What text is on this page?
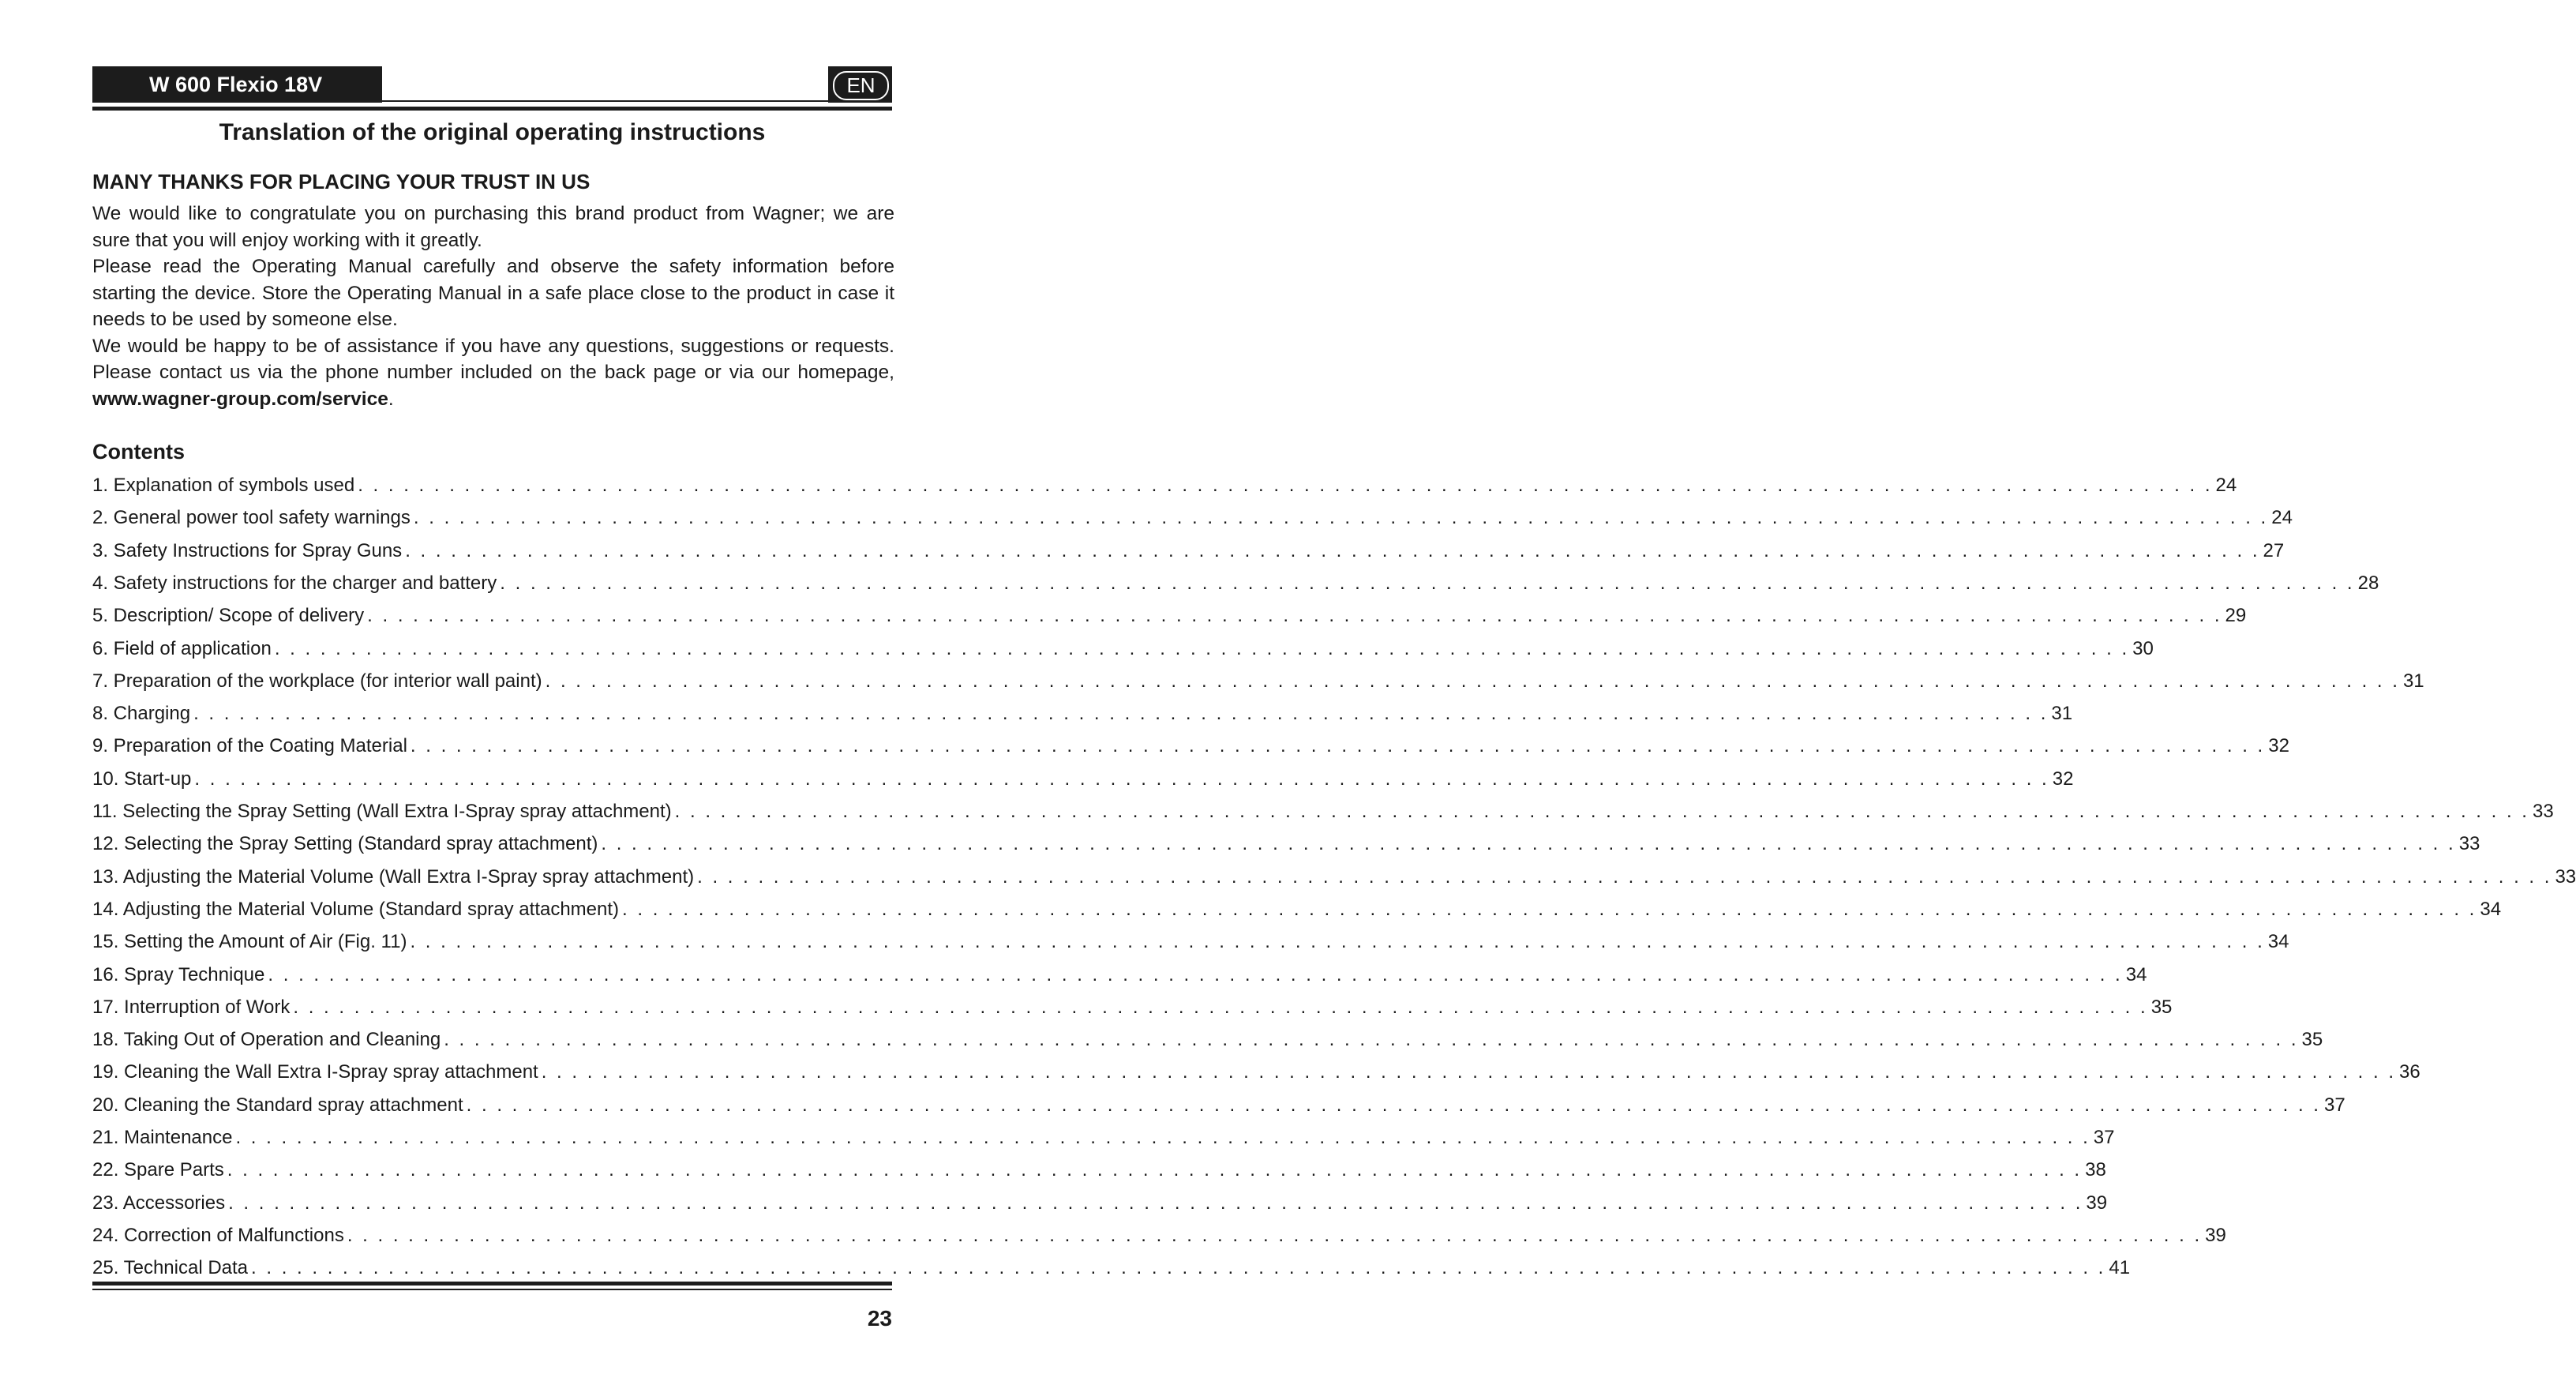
W 600 Flexio 18V	EN
Translation of the original operating instructions
MANY THANKS FOR PLACING YOUR TRUST IN US

We would like to congratulate you on purchasing this brand product from Wagner; we are sure that you will enjoy working with it greatly.

Please read the Operating Manual carefully and observe the safety information before starting the device. Store the Operating Manual in a safe place close to the product in case it needs to be used by someone else.

We would be happy to be of assistance if you have any questions, suggestions or requests. Please contact us via the phone number included on the back page or via our homepage, www.wagner-group.com/service.

Contents
1. Explanation of symbols used . . . . . . . . . . . . . . . . . . . . . . . . . . . . . . . . . . . . . . . . . . . . . . . . . . . . . . . . . . . . . . . . . . . . . . . . . . . . . . . . . . . . . . . . . . . . . . . . . . . . . . . . . . . . . . . . . . . . . . . . . . 24
2. General power tool safety warnings . . . . . . . . . . . . . . . . . . . . . . . . . . . . . . . . . . . . . . . . . . . . . . . . . . . . . . . . . . . . . . . . . . . . . . . . . . . . . . . . . . . . . . . . . . . . . . . . . . . . . . . . . . . . . . . . . . . . . . . . . . 24
3. Safety Instructions for Spray Guns . . . . . . . . . . . . . . . . . . . . . . . . . . . . . . . . . . . . . . . . . . . . . . . . . . . . . . . . . . . . . . . . . . . . . . . . . . . . . . . . . . . . . . . . . . . . . . . . . . . . . . . . . . . . . . . . . . . . . . . . . . 27
4. Safety instructions for the charger and battery . . . . . . . . . . . . . . . . . . . . . . . . . . . . . . . . . . . . . . . . . . . . . . . . . . . . . . . . . . . . . . . . . . . . . . . . . . . . . . . . . . . . . . . . . . . . . . . . . . . . . . . . . . . . . . . . . . . . . . . . . . 28
5. Description/ Scope of delivery . . . . . . . . . . . . . . . . . . . . . . . . . . . . . . . . . . . . . . . . . . . . . . . . . . . . . . . . . . . . . . . . . . . . . . . . . . . . . . . . . . . . . . . . . . . . . . . . . . . . . . . . . . . . . . . . . . . . . . . . . . 29
6. Field of application . . . . . . . . . . . . . . . . . . . . . . . . . . . . . . . . . . . . . . . . . . . . . . . . . . . . . . . . . . . . . . . . . . . . . . . . . . . . . . . . . . . . . . . . . . . . . . . . . . . . . . . . . . . . . . . . . . . . . . . . . . 30
7. Preparation of the workplace (for interior wall paint) . . . . . . . . . . . . . . . . . . . . . . . . . . . . . . . . . . . . . . . . . . . . . . . . . . . . . . . . . . . . . . . . . . . . . . . . . . . . . . . . . . . . . . . . . . . . . . . . . . . . . . . . . . . . . . . . . . . . . . . . . . 31
8. Charging . . . . . . . . . . . . . . . . . . . . . . . . . . . . . . . . . . . . . . . . . . . . . . . . . . . . . . . . . . . . . . . . . . . . . . . . . . . . . . . . . . . . . . . . . . . . . . . . . . . . . . . . . . . . . . . . . . . . . . . . . . 31
9. Preparation of the Coating Material . . . . . . . . . . . . . . . . . . . . . . . . . . . . . . . . . . . . . . . . . . . . . . . . . . . . . . . . . . . . . . . . . . . . . . . . . . . . . . . . . . . . . . . . . . . . . . . . . . . . . . . . . . . . . . . . . . . . . . . . . . 32
10. Start-up . . . . . . . . . . . . . . . . . . . . . . . . . . . . . . . . . . . . . . . . . . . . . . . . . . . . . . . . . . . . . . . . . . . . . . . . . . . . . . . . . . . . . . . . . . . . . . . . . . . . . . . . . . . . . . . . . . . . . . . . . . 32
11. Selecting the Spray Setting (Wall Extra I-Spray spray attachment) . . . . . . . . . . . . . . . . . . . . . . . . . . . . . . . . . . . . . . . . . . . . . . . . . . . . . . . . . . . . . . . . . . . . . . . . . . . . . . . . . . . . . . . . . . . . . . . . . . . . . . . . . . . . . . . . . . . . . . . . . . 33
12. Selecting the Spray Setting (Standard spray attachment) . . . . . . . . . . . . . . . . . . . . . . . . . . . . . . . . . . . . . . . . . . . . . . . . . . . . . . . . . . . . . . . . . . . . . . . . . . . . . . . . . . . . . . . . . . . . . . . . . . . . . . . . . . . . . . . . . . . . . . . . . . 33
13. Adjusting the Material Volume (Wall Extra I-Spray spray attachment) . . . . . . . . . . . . . . . . . . . . . . . . . . . . . . . . . . . . . . . . . . . . . . . . . . . . . . . . . . . . . . . . . . . . . . . . . . . . . . . . . . . . . . . . . . . . . . . . . . . . . . . . . . . . . . . . . . . . . . . . . . 33
14. Adjusting the Material Volume (Standard spray attachment) . . . . . . . . . . . . . . . . . . . . . . . . . . . . . . . . . . . . . . . . . . . . . . . . . . . . . . . . . . . . . . . . . . . . . . . . . . . . . . . . . . . . . . . . . . . . . . . . . . . . . . . . . . . . . . . . . . . . . . . . . . 34
15. Setting the Amount of Air (Fig. 11) . . . . . . . . . . . . . . . . . . . . . . . . . . . . . . . . . . . . . . . . . . . . . . . . . . . . . . . . . . . . . . . . . . . . . . . . . . . . . . . . . . . . . . . . . . . . . . . . . . . . . . . . . . . . . . . . . . . . . . . . . . 34
16. Spray Technique . . . . . . . . . . . . . . . . . . . . . . . . . . . . . . . . . . . . . . . . . . . . . . . . . . . . . . . . . . . . . . . . . . . . . . . . . . . . . . . . . . . . . . . . . . . . . . . . . . . . . . . . . . . . . . . . . . . . . . . . . . 34
17. Interruption of Work . . . . . . . . . . . . . . . . . . . . . . . . . . . . . . . . . . . . . . . . . . . . . . . . . . . . . . . . . . . . . . . . . . . . . . . . . . . . . . . . . . . . . . . . . . . . . . . . . . . . . . . . . . . . . . . . . . . . . . . . . . 35
18. Taking Out of Operation and Cleaning . . . . . . . . . . . . . . . . . . . . . . . . . . . . . . . . . . . . . . . . . . . . . . . . . . . . . . . . . . . . . . . . . . . . . . . . . . . . . . . . . . . . . . . . . . . . . . . . . . . . . . . . . . . . . . . . . . . . . . . . . . 35
19. Cleaning the Wall Extra I-Spray spray attachment . . . . . . . . . . . . . . . . . . . . . . . . . . . . . . . . . . . . . . . . . . . . . . . . . . . . . . . . . . . . . . . . . . . . . . . . . . . . . . . . . . . . . . . . . . . . . . . . . . . . . . . . . . . . . . . . . . . . . . . . . . 36
20. Cleaning the Standard spray attachment . . . . . . . . . . . . . . . . . . . . . . . . . . . . . . . . . . . . . . . . . . . . . . . . . . . . . . . . . . . . . . . . . . . . . . . . . . . . . . . . . . . . . . . . . . . . . . . . . . . . . . . . . . . . . . . . . . . . . . . . . . 37
21. Maintenance . . . . . . . . . . . . . . . . . . . . . . . . . . . . . . . . . . . . . . . . . . . . . . . . . . . . . . . . . . . . . . . . . . . . . . . . . . . . . . . . . . . . . . . . . . . . . . . . . . . . . . . . . . . . . . . . . . . . . . . . . . 37
22. Spare Parts . . . . . . . . . . . . . . . . . . . . . . . . . . . . . . . . . . . . . . . . . . . . . . . . . . . . . . . . . . . . . . . . . . . . . . . . . . . . . . . . . . . . . . . . . . . . . . . . . . . . . . . . . . . . . . . . . . . . . . . . . . 38
23. Accessories . . . . . . . . . . . . . . . . . . . . . . . . . . . . . . . . . . . . . . . . . . . . . . . . . . . . . . . . . . . . . . . . . . . . . . . . . . . . . . . . . . . . . . . . . . . . . . . . . . . . . . . . . . . . . . . . . . . . . . . . . . 39
24. Correction of Malfunctions . . . . . . . . . . . . . . . . . . . . . . . . . . . . . . . . . . . . . . . . . . . . . . . . . . . . . . . . . . . . . . . . . . . . . . . . . . . . . . . . . . . . . . . . . . . . . . . . . . . . . . . . . . . . . . . . . . . . . . . . . . 39
25. Technical Data . . . . . . . . . . . . . . . . . . . . . . . . . . . . . . . . . . . . . . . . . . . . . . . . . . . . . . . . . . . . . . . . . . . . . . . . . . . . . . . . . . . . . . . . . . . . . . . . . . . . . . . . . . . . . . . . . . . . . . . . . . 41
23
